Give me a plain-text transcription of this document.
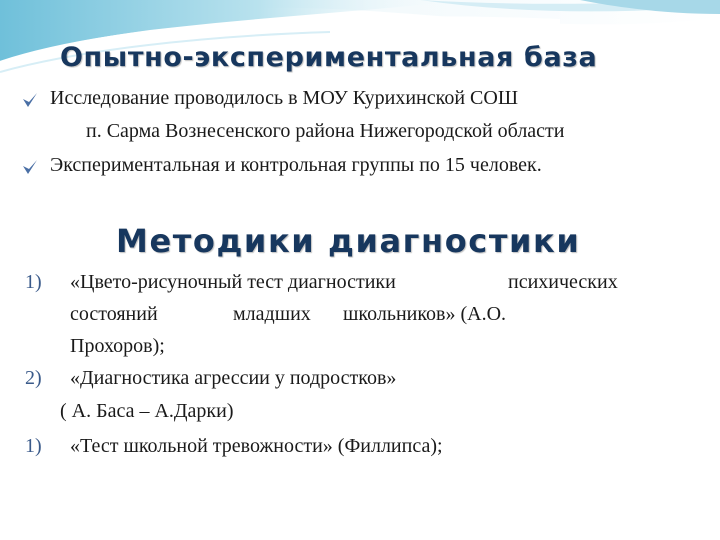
Опытно-экспериментальная база
Исследование проводилось в МОУ Курихинской СОШ
п. Сарма Вознесенского района Нижегородской области
Экспериментальная и контрольная группы по 15 человек.
Методики диагностики
1) «Цвето-рисуночный тест диагностики	психических
состояний	младших школьников» (А.О.
Прохоров);
2) «Диагностика агрессии у подростков»
( А. Баса – А.Дарки)
1) «Тест школьной тревожности» (Филлипса);
